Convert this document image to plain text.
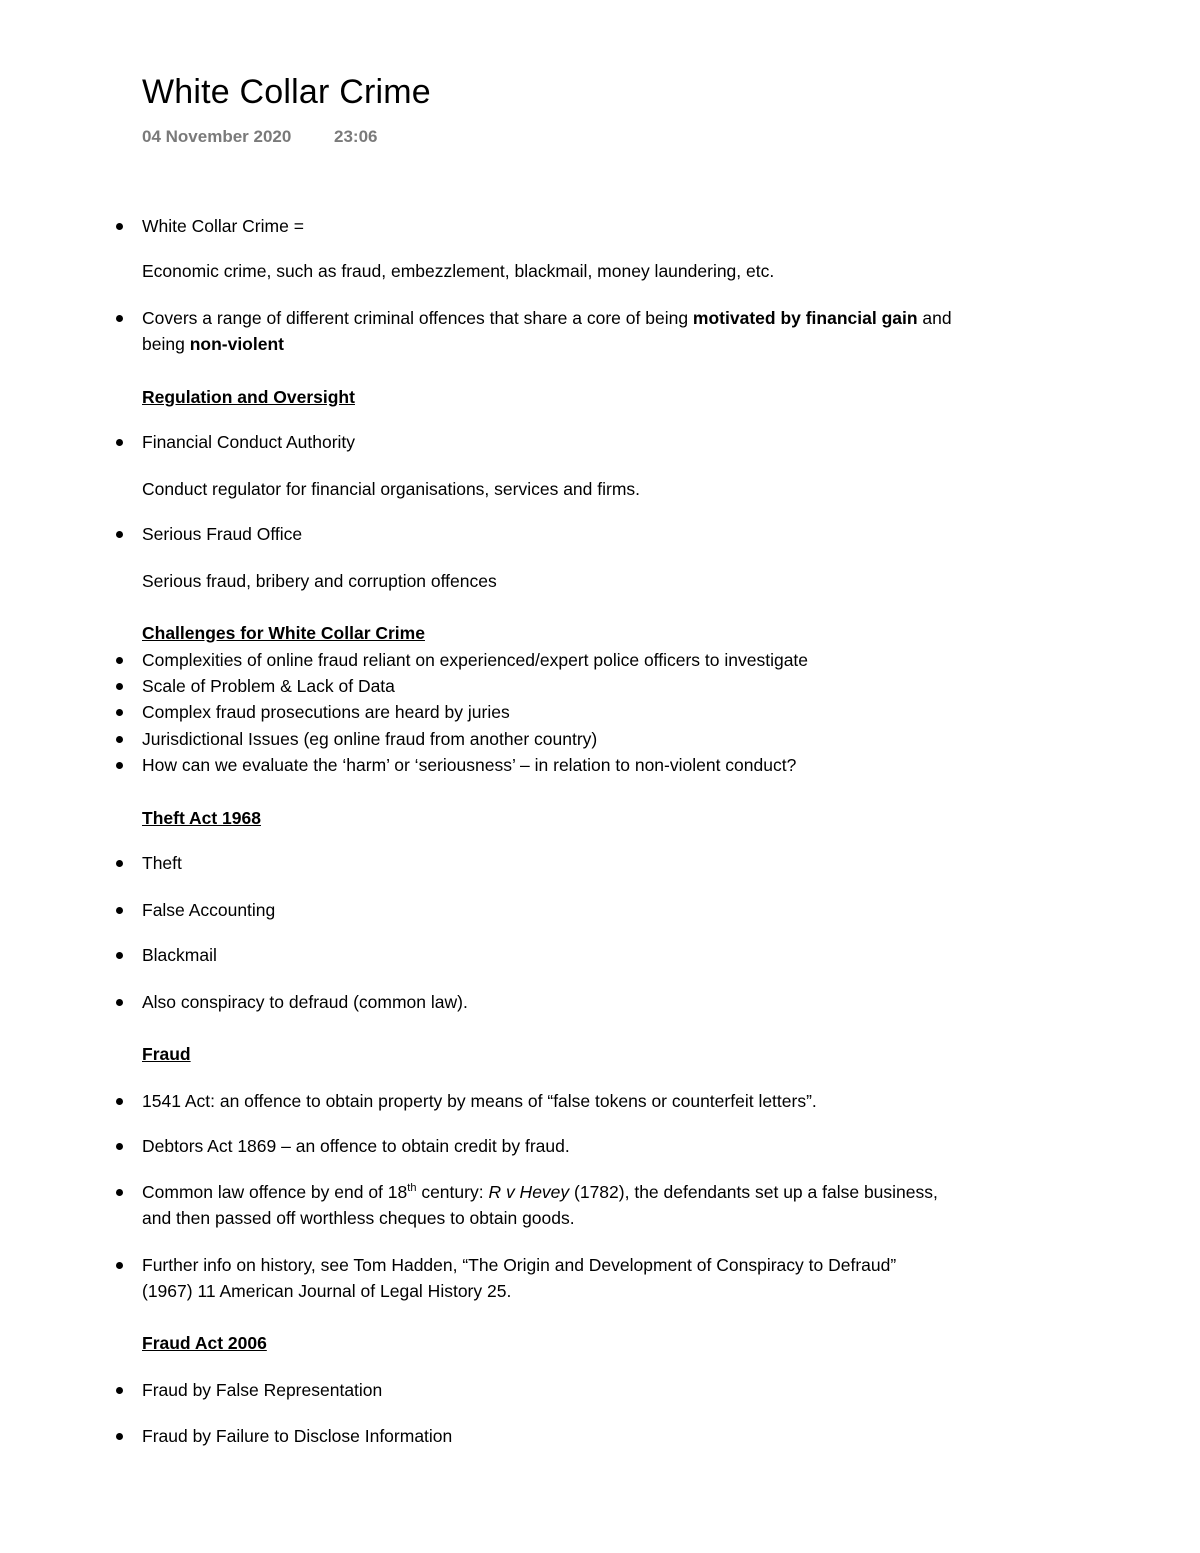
White Collar Crime
04 November 2020	23:06
White Collar Crime =
Economic crime, such as fraud, embezzlement, blackmail, money laundering, etc.
Covers a range of different criminal offences that share a core of being motivated by financial gain and
being non-violent
Regulation and Oversight
Financial Conduct Authority
Conduct regulator for financial organisations, services and firms.
Serious Fraud Office
Serious fraud, bribery and corruption offences
Challenges for White Collar Crime
Complexities of online fraud reliant on experienced/expert police officers to investigate
Scale of Problem & Lack of Data
Complex fraud prosecutions are heard by juries
Jurisdictional Issues (eg online fraud from another country)
How can we evaluate the ‘harm’ or ‘seriousness’ – in relation to non-violent conduct?
Theft Act 1968
Theft
False Accounting
Blackmail
Also conspiracy to defraud (common law).
Fraud
1541 Act: an offence to obtain property by means of “false tokens or counterfeit letters”.
Debtors Act 1869 – an offence to obtain credit by fraud.
Common law offence by end of 18th century: R v Hevey (1782), the defendants set up a false business,
and then passed off worthless cheques to obtain goods.
Further info on history, see Tom Hadden, “The Origin and Development of Conspiracy to Defraud”
(1967) 11 American Journal of Legal History 25.
Fraud Act 2006
Fraud by False Representation
Fraud by Failure to Disclose Information
